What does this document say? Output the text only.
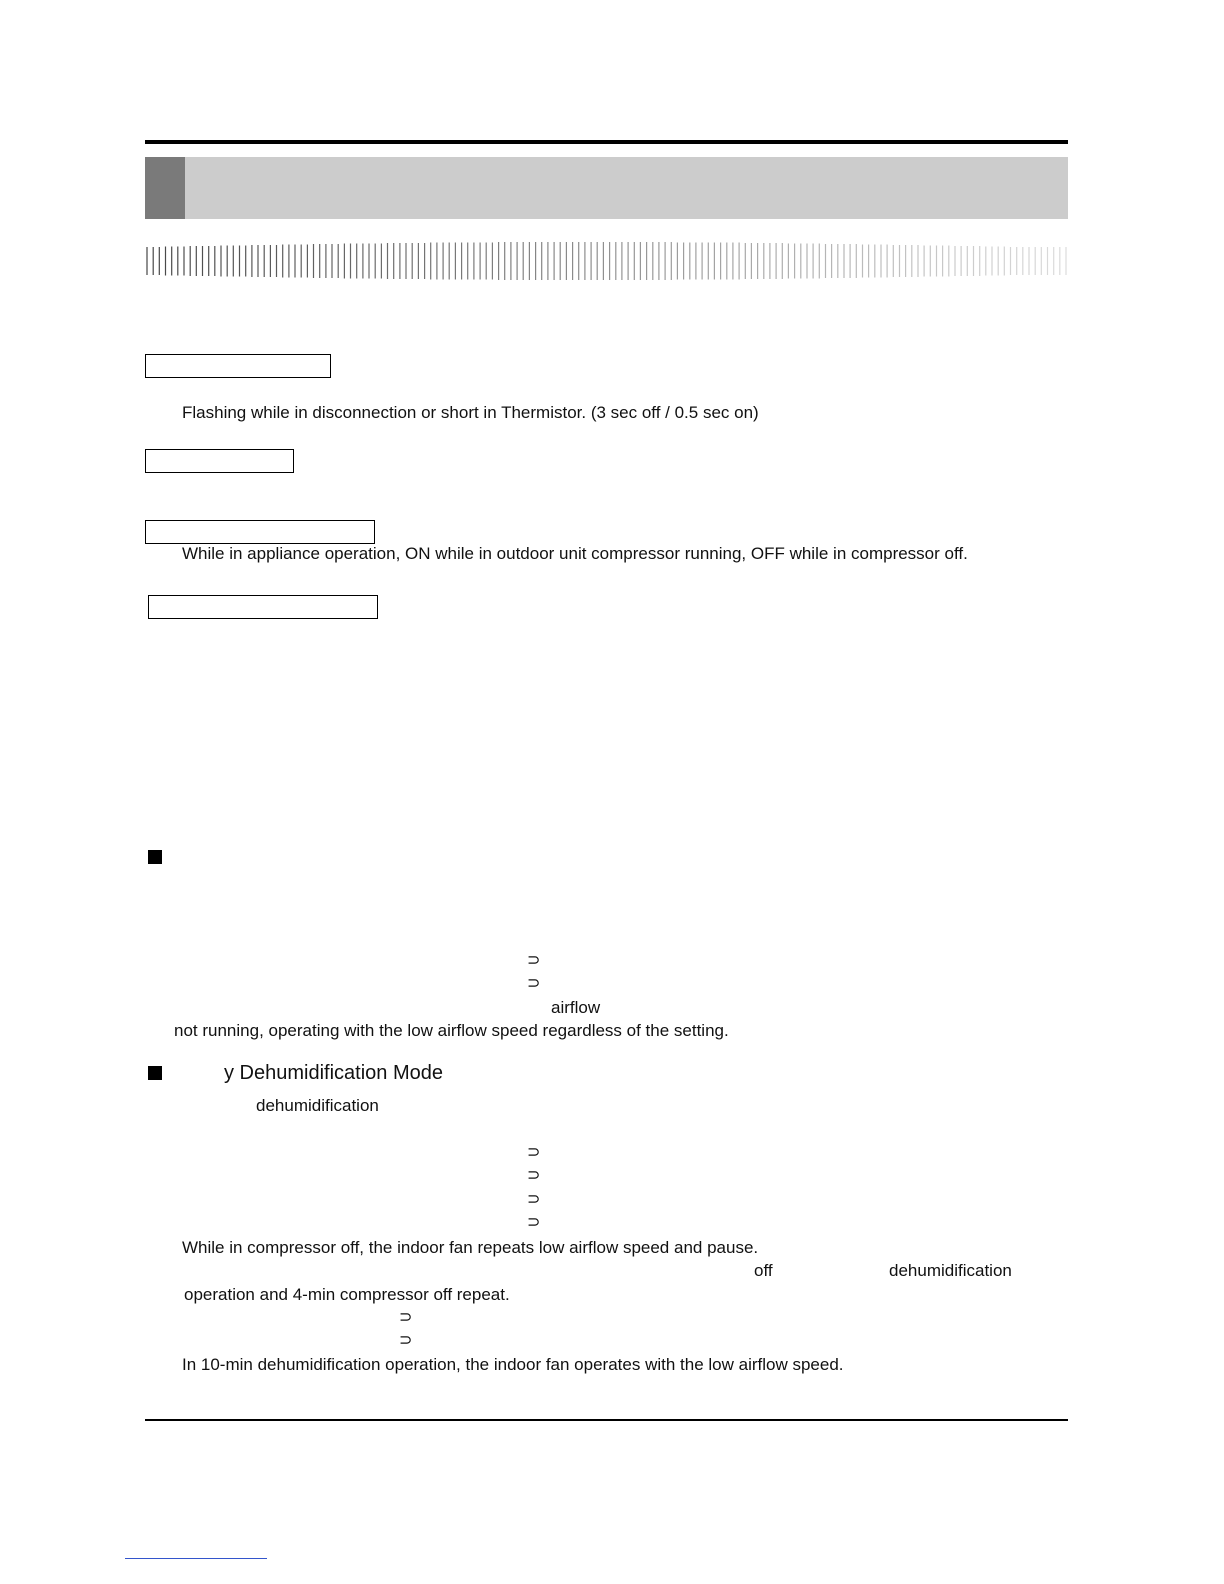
Flashing while in disconnection or short in Thermistor. (3 sec off / 0.5 sec on)
While in appliance operation, ON while in outdoor unit compressor running, OFF while in compressor off.
⊃
⊃
airflow
not running, operating with the low airflow speed regardless of the setting.
y Dehumidification Mode
dehumidification
⊃
⊃
⊃
⊃
While in compressor off, the indoor fan repeats low airflow speed and pause.
off	dehumidification
operation and 4-min compressor off repeat.
⊃
⊃
In 10-min dehumidification operation, the indoor fan operates with the low airflow speed.
